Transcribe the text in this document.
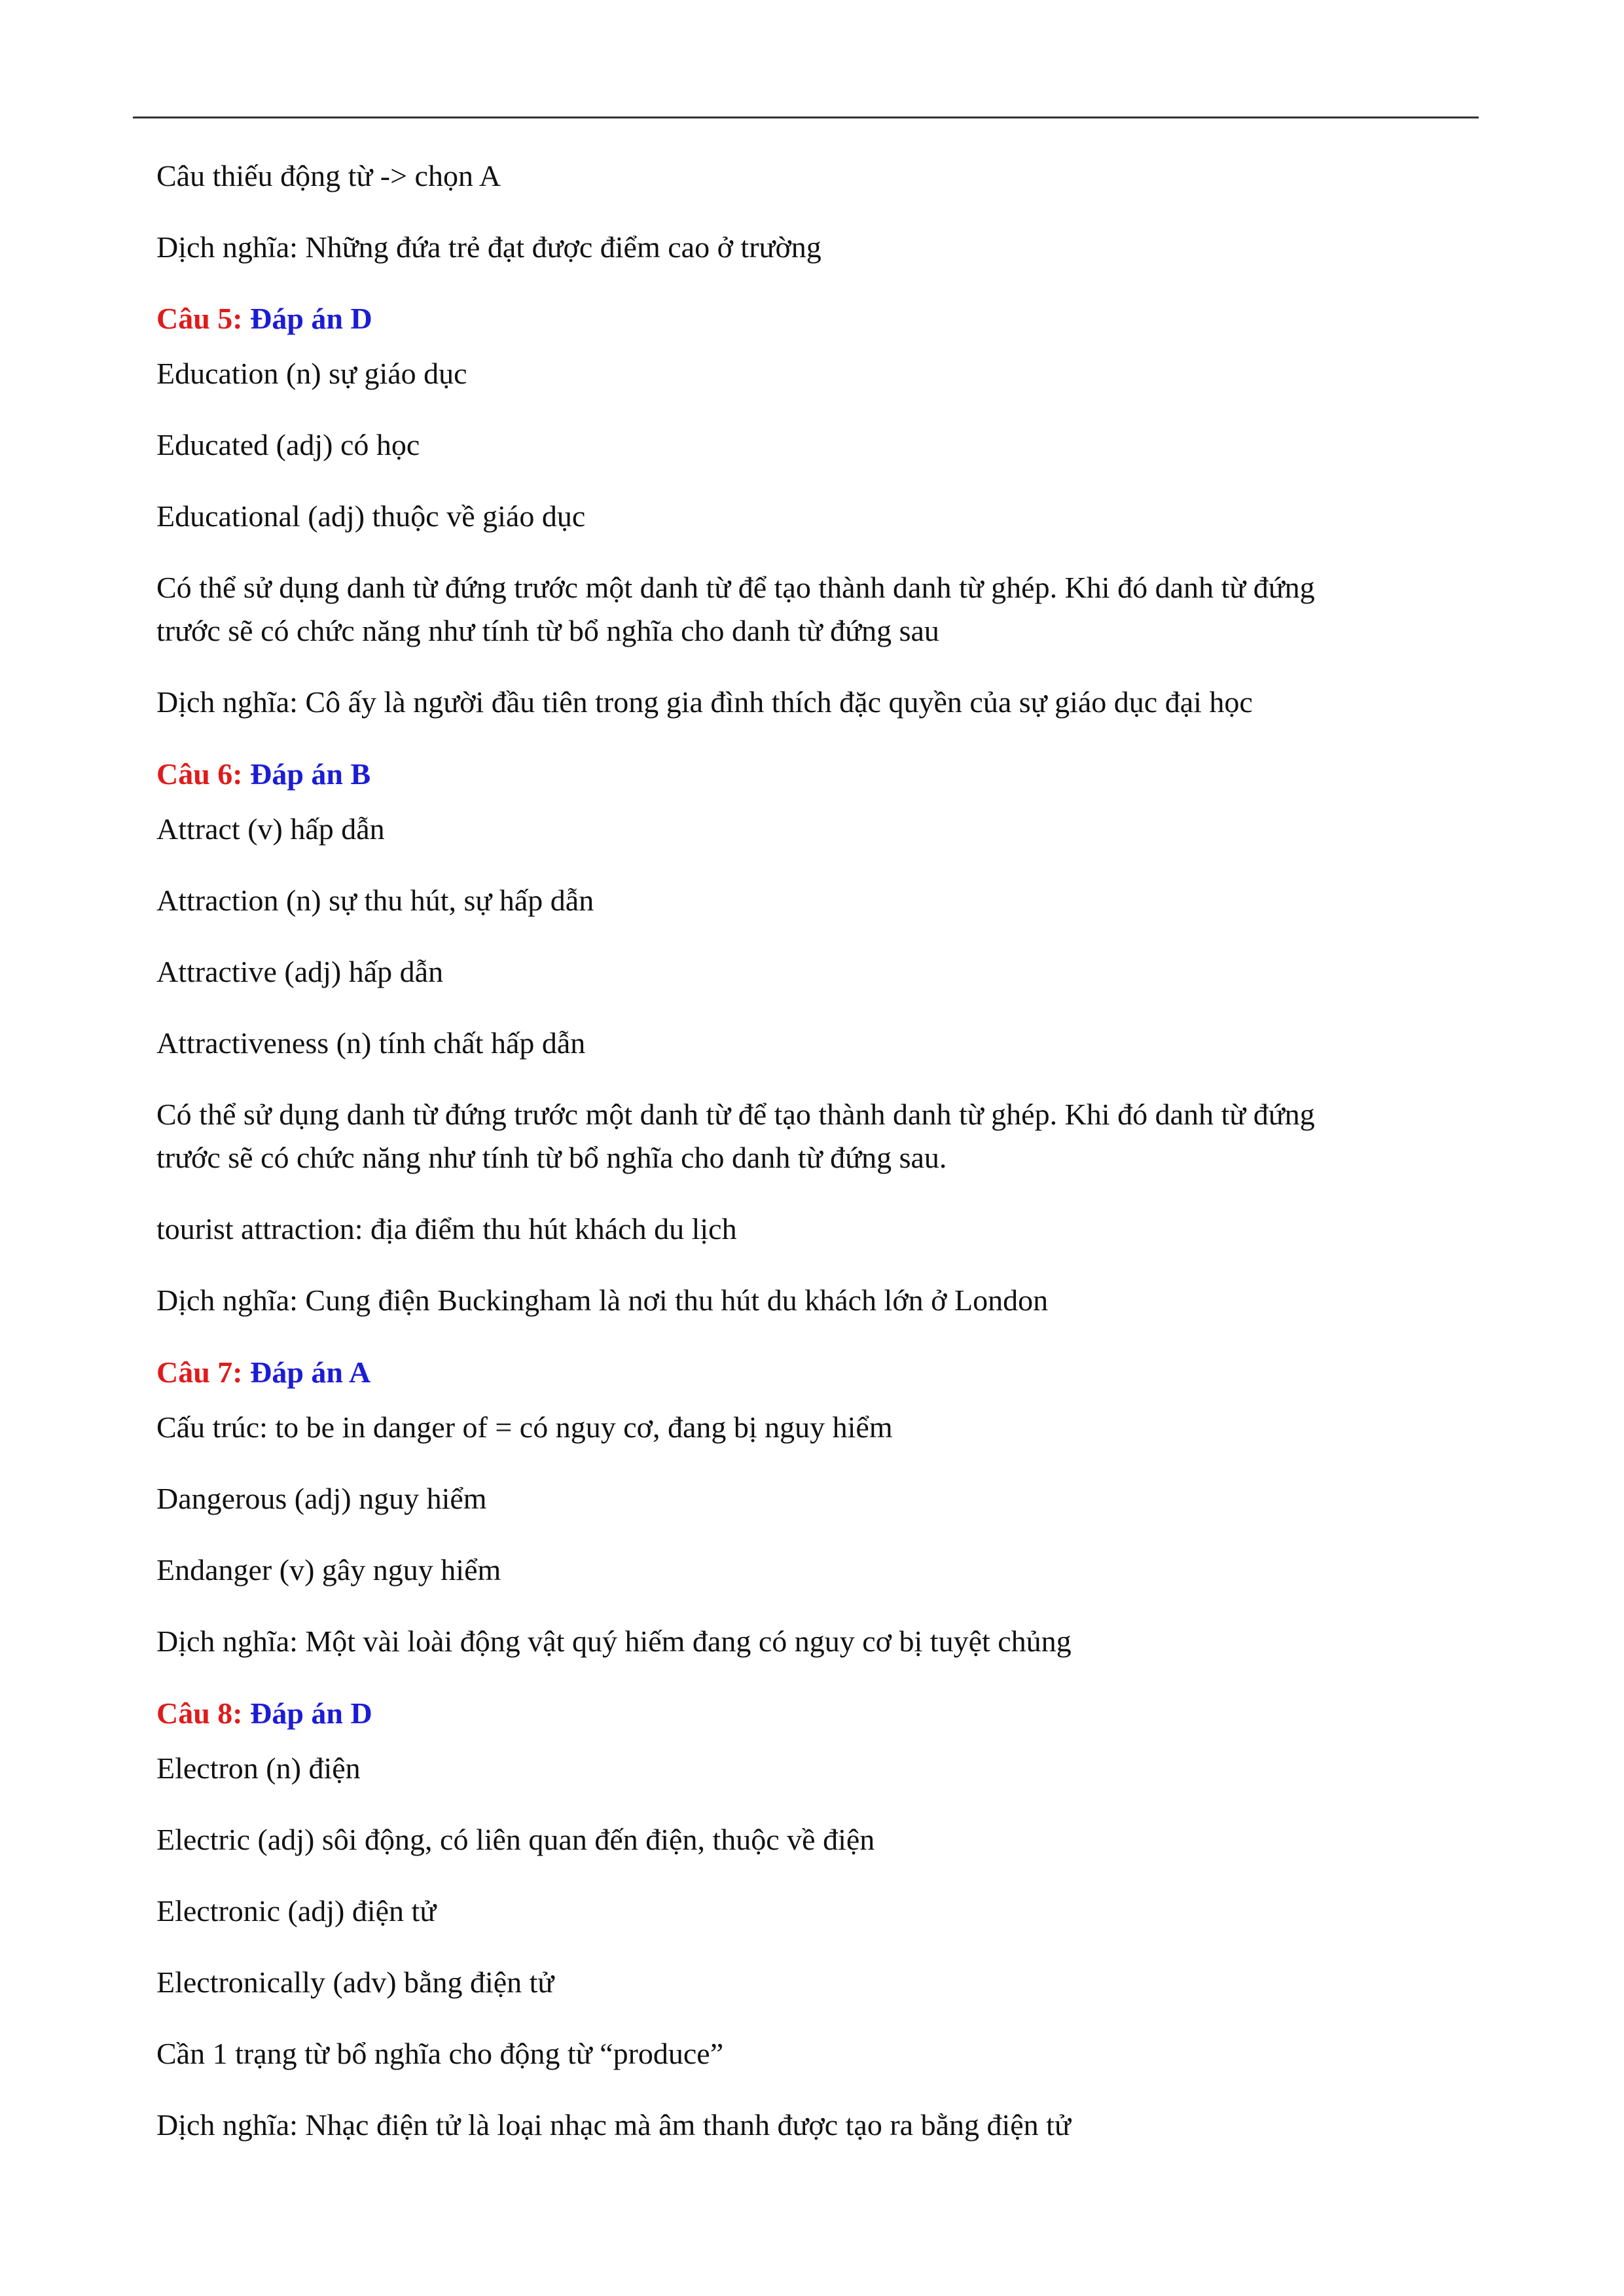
Câu thiếu động từ -> chọn A
Dịch nghĩa: Những đứa trẻ đạt được điểm cao ở trường
Câu 5: Đáp án D
Education (n) sự giáo dục
Educated (adj) có học
Educational (adj) thuộc về giáo dục
Có thể sử dụng danh từ đứng trước một danh từ để tạo thành danh từ ghép. Khi đó danh từ đứng
trước sẽ có chức năng như tính từ bổ nghĩa cho danh từ đứng sau
Dịch nghĩa: Cô ấy là người đầu tiên trong gia đình thích đặc quyền của sự giáo dục đại học
Câu 6: Đáp án B
Attract (v) hấp dẫn
Attraction (n) sự thu hút, sự hấp dẫn
Attractive (adj) hấp dẫn
Attractiveness (n) tính chất hấp dẫn
Có thể sử dụng danh từ đứng trước một danh từ để tạo thành danh từ ghép. Khi đó danh từ đứng
trước sẽ có chức năng như tính từ bổ nghĩa cho danh từ đứng sau.
tourist attraction: địa điểm thu hút khách du lịch
Dịch nghĩa: Cung điện Buckingham là nơi thu hút du khách lớn ở London
Câu 7: Đáp án A
Cấu trúc: to be in danger of = có nguy cơ, đang bị nguy hiểm
Dangerous (adj) nguy hiểm
Endanger (v) gây nguy hiểm
Dịch nghĩa: Một vài loài động vật quý hiếm đang có nguy cơ bị tuyệt chủng
Câu 8: Đáp án D
Electron (n) điện
Electric (adj) sôi động, có liên quan đến điện, thuộc về điện
Electronic (adj) điện tử
Electronically (adv) bằng điện tử
Cần 1 trạng từ bổ nghĩa cho động từ “produce”
Dịch nghĩa: Nhạc điện tử là loại nhạc mà âm thanh được tạo ra bằng điện tử
